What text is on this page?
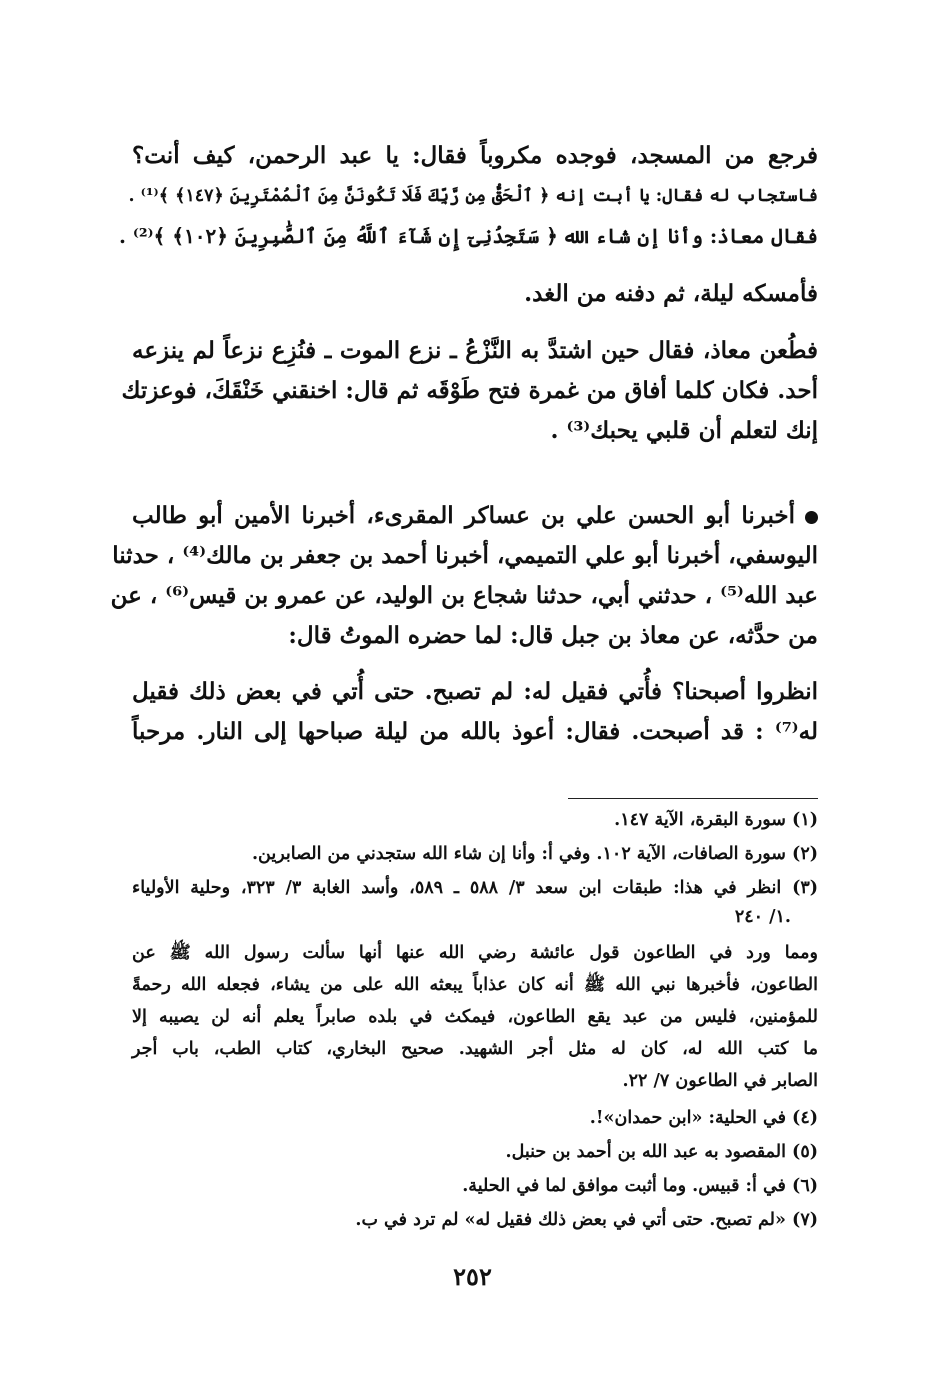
فرجع من المسجد، فوجده مكروباً فقال: يا عبد الرحمن، كيف أنت؟
فاستجاب له فقال: يا أبت إنه ﴿ ٱلْحَقُّ مِن رَّبِّكَ فَلَا تَكُونَنَّ مِنَ ٱلْمُمْتَرِينَ ﴿١٤٧﴾ ﴾⁽¹⁾ .
فقال معاذ: وأنا إن شاء الله ﴿ سَتَجِدُنِىٓ إِن شَآءَ ٱللَّهُ مِنَ ٱلصَّٰبِرِينَ ﴿١٠٢﴾ ﴾⁽²⁾ .
فأمسكه ليلة، ثم دفنه من الغد.
فطُعن معاذ، فقال حين اشتدَّ به النَّزْعُ ـ نزع الموت ـ فنُزِع نزعاً لم ينزعه
أحد. فكان كلما أفاق من غمرة فتح طَوْقَه ثم قال: اخنقني خَنْقَكَ، فوعزتك
إنك لتعلم أن قلبي يحبك⁽³⁾ .
أخبرنا أبو الحسن علي بن عساكر المقرىء، أخبرنا الأمين أبو طالب
اليوسفي، أخبرنا أبو علي التميمي، أخبرنا أحمد بن جعفر بن مالك⁽⁴⁾ ، حدثنا
عبد الله⁽⁵⁾ ، حدثني أبي، حدثنا شجاع بن الوليد، عن عمرو بن قيس⁽⁶⁾ ، عن
من حدَّثه، عن معاذ بن جبل قال: لما حضره الموتُ قال:
انظروا أصبحنا؟ فأُتي فقيل له: لم تصبح. حتى أُتي في بعض ذلك فقيل
له⁽⁷⁾ : قد أصبحت. فقال: أعوذ بالله من ليلة صباحها إلى النار. مرحباً
(١) سورة البقرة، الآية ١٤٧.
(٢) سورة الصافات، الآية ١٠٢. وفي أ: وأنا إن شاء الله ستجدني من الصابرين.
(٣) انظر في هذا: طبقات ابن سعد ٣/ ٥٨٨ ـ ٥٨٩، وأسد الغابة ٣/ ٣٢٣، وحلية الأولياء
١/ ٢٤٠.
ومما ورد في الطاعون قول عائشة رضي الله عنها أنها سألت رسول الله ﷺ عن
الطاعون، فأخبرها نبي الله ﷺ أنه كان عذاباً يبعثه الله على من يشاء، فجعله الله رحمةً
للمؤمنين، فليس من عبد يقع الطاعون، فيمكث في بلده صابراً يعلم أنه لن يصيبه إلا
ما كتب الله له، كان له مثل أجر الشهيد. صحيح البخاري، كتاب الطب، باب أجر
الصابر في الطاعون ٧/ ٢٢.
(٤) في الحلية: «ابن حمدان»!.
(٥) المقصود به عبد الله بن أحمد بن حنبل.
(٦) في أ: قبيس. وما أثبت موافق لما في الحلية.
(٧) «لم تصبح. حتى أتي في بعض ذلك فقيل له» لم ترد في ب.
٢٥٢
